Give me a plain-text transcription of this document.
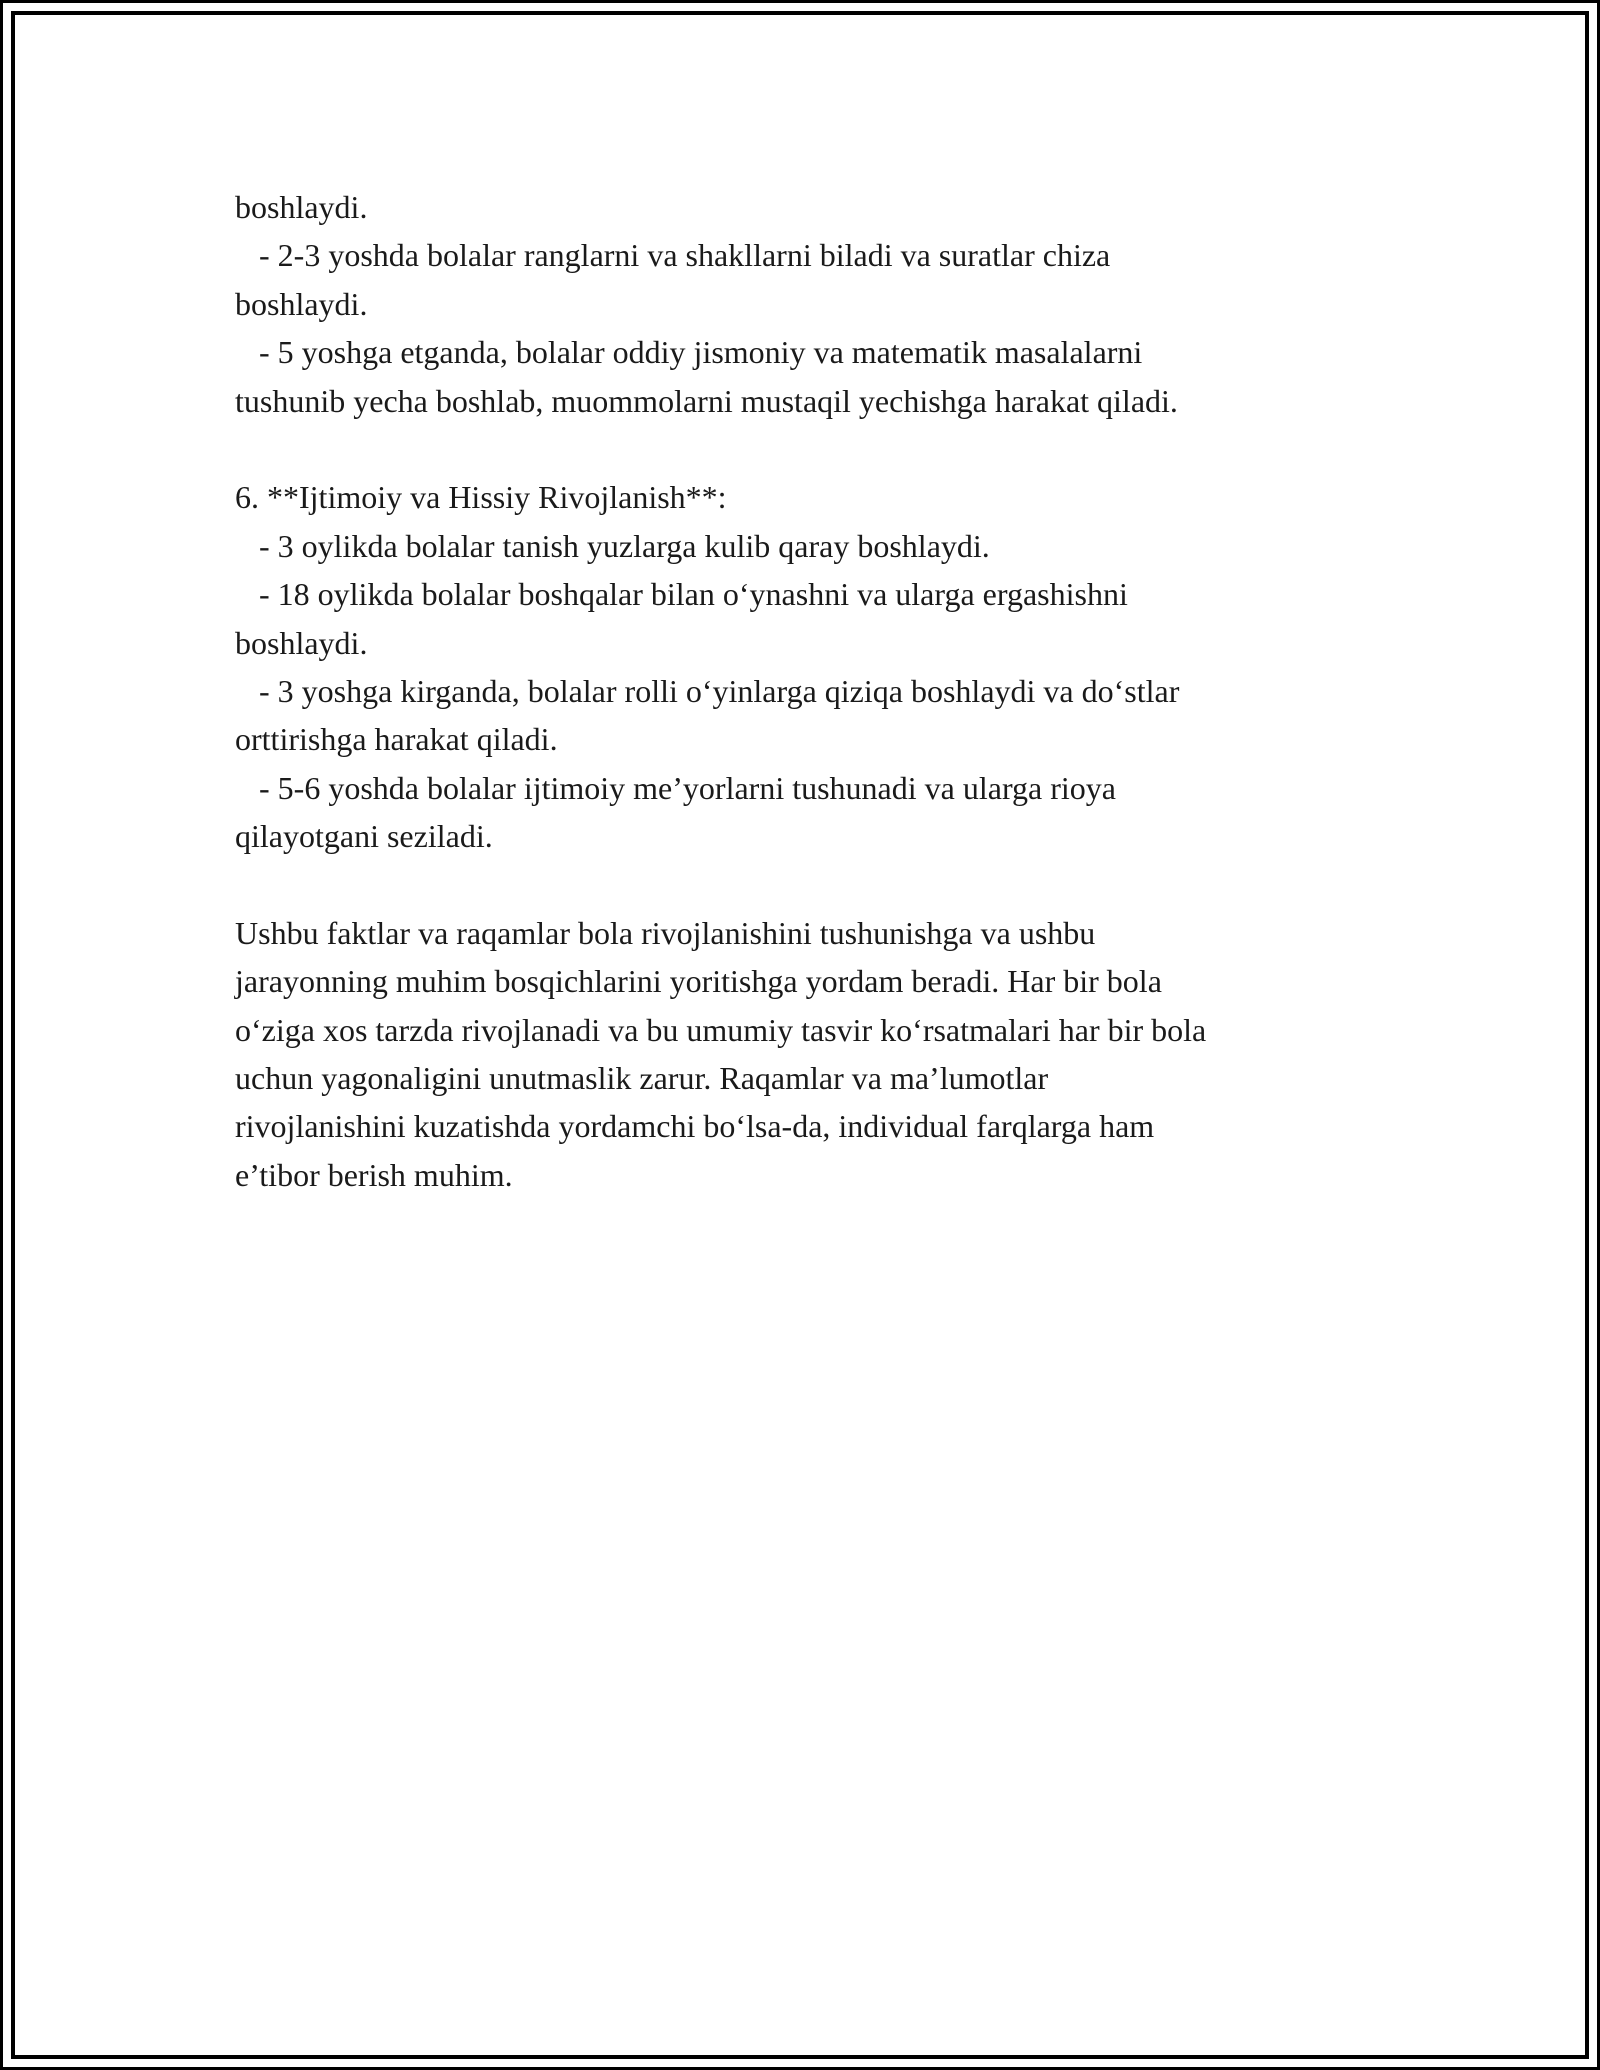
boshlaydi.
- 2-3 yoshda bolalar ranglarni va shakllarni biladi va suratlar chiza
boshlaydi.
- 5 yoshga etganda, bolalar oddiy jismoniy va matematik masalalarni
tushunib yecha boshlab, muommolarni mustaqil yechishga harakat qiladi.
6. **Ijtimoiy va Hissiy Rivojlanish**:
- 3 oylikda bolalar tanish yuzlarga kulib qaray boshlaydi.
- 18 oylikda bolalar boshqalar bilan oʻynashni va ularga ergashishni
boshlaydi.
- 3 yoshga kirganda, bolalar rolli oʻyinlarga qiziqa boshlaydi va doʻstlar
orttirishga harakat qiladi.
- 5-6 yoshda bolalar ijtimoiy me’yorlarni tushunadi va ularga rioya
qilayotgani seziladi.
Ushbu faktlar va raqamlar bola rivojlanishini tushunishga va ushbu
jarayonning muhim bosqichlarini yoritishga yordam beradi. Har bir bola
oʻziga xos tarzda rivojlanadi va bu umumiy tasvir koʻrsatmalari har bir bola
uchun yagonaligini unutmaslik zarur. Raqamlar va ma’lumotlar
rivojlanishini kuzatishda yordamchi boʻlsa-da, individual farqlarga ham
e’tibor berish muhim.
